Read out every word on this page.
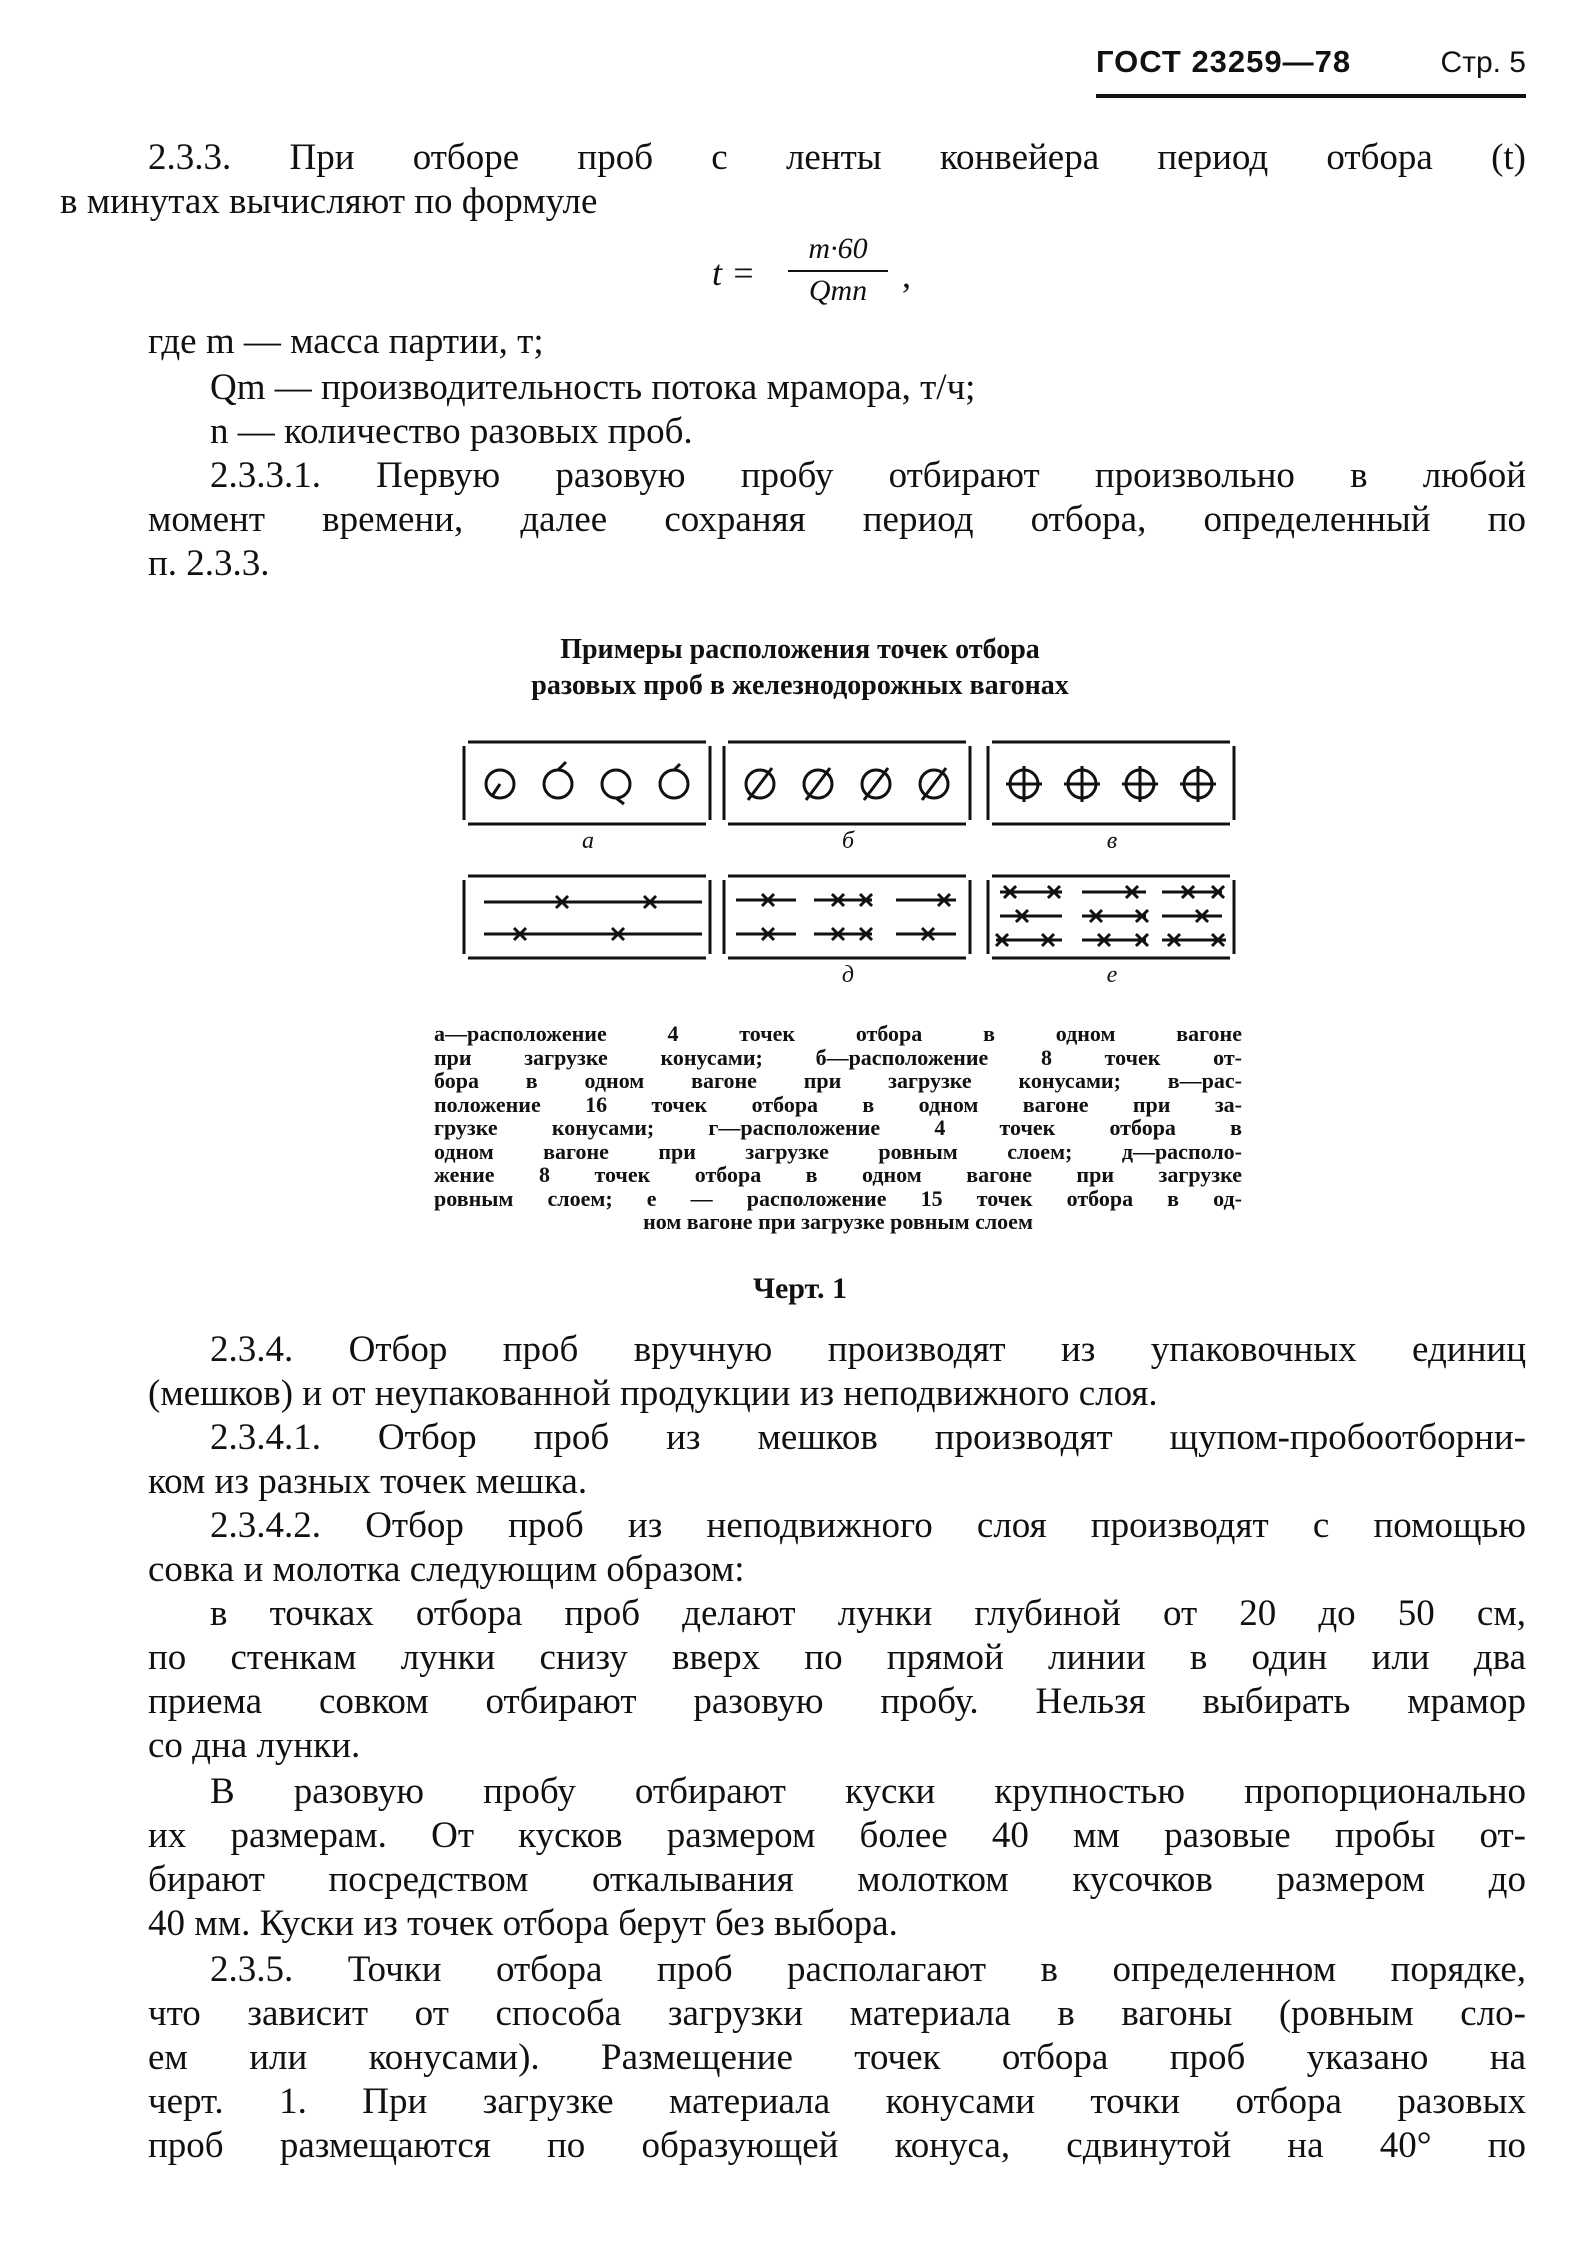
ГОСТ 23259—78	Стр. 5
2.3.3. При отборе проб с ленты конвейера период отбора (t)
в минутах вычисляют по формуле
t =
m·60
Qmn ,
где m — масса партии, т;
Qm — производительность потока мрамора, т/ч;
n — количество разовых проб.
2.3.3.1. Первую разовую пробу отбирают произвольно в любой
момент времени, далее сохраняя период отбора, определенный по
п. 2.3.3.
Примеры расположения точек отбора
разовых проб в железнодорожных вагонах
а	б	в
д	е
а—расположение 4 точек отбора в одном вагоне
при загрузке конусами; б—расположение 8 точек от-
бора в одном вагоне при загрузке конусами; в—рас-
положение 16 точек отбора в одном вагоне при за-
грузке конусами; г—расположение 4 точек отбора в
одном вагоне при загрузке ровным слоем; д—располо-
жение 8 точек отбора в одном вагоне при загрузке
ровным слоем; е — расположение 15 точек отбора в од-
ном вагоне при загрузке ровным слоем
Черт. 1
2.3.4. Отбор проб вручную производят из упаковочных единиц
(мешков) и от неупакованной продукции из неподвижного слоя.
2.3.4.1. Отбор проб из мешков производят щупом-пробоотборни-
ком из разных точек мешка.
2.3.4.2. Отбор проб из неподвижного слоя производят с помощью
совка и молотка следующим образом:
в точках отбора проб делают лунки глубиной от 20 до 50 см,
по стенкам лунки снизу вверх по прямой линии в один или два
приема совком отбирают разовую пробу. Нельзя выбирать мрамор
со дна лунки.
В разовую пробу отбирают куски крупностью пропорционально
их размерам. От кусков размером более 40 мм разовые пробы от-
бирают посредством откалывания молотком кусочков размером до
40 мм. Куски из точек отбора берут без выбора.
2.3.5. Точки отбора проб располагают в определенном порядке,
что зависит от способа загрузки материала в вагоны (ровным сло-
ем или конусами). Размещение точек отбора проб указано на
черт. 1. При загрузке материала конусами точки отбора разовых
проб размещаются по образующей конуса, сдвинутой на 40° по
